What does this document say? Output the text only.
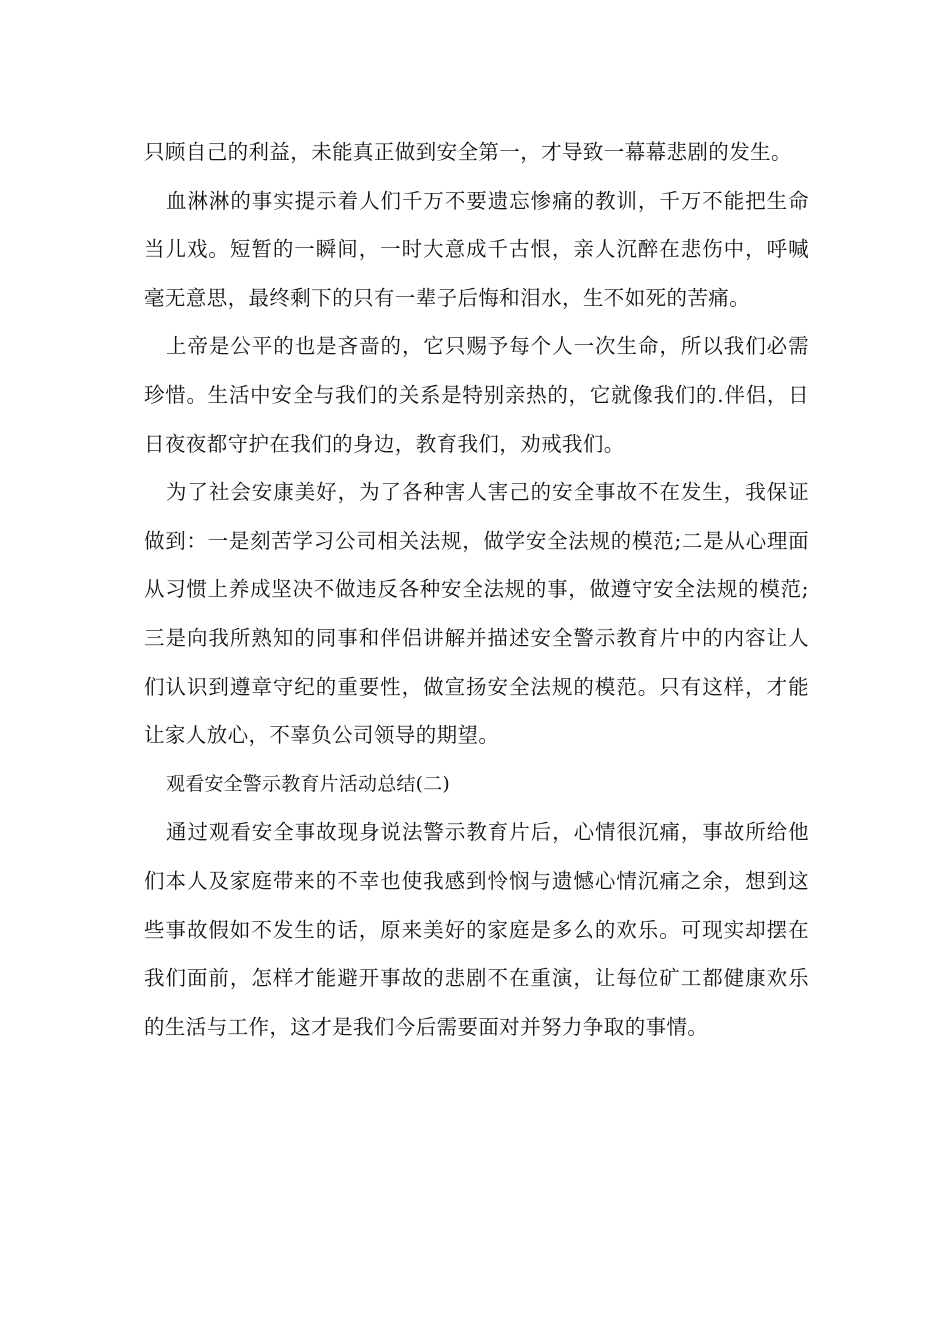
只顾自己的利益，未能真正做到安全第一，才导致一幕幕悲剧的发生。

血淋淋的事实提示着人们千万不要遗忘惨痛的教训，千万不能把生命当儿戏。短暂的一瞬间，一时大意成千古恨，亲人沉醉在悲伤中，呼喊毫无意思，最终剩下的只有一辈子后悔和泪水，生不如死的苦痛。

上帝是公平的也是吝啬的，它只赐予每个人一次生命，所以我们必需珍惜。生活中安全与我们的关系是特别亲热的，它就像我们的.伴侣，日日夜夜都守护在我们的身边，教育我们，劝戒我们。

为了社会安康美好，为了各种害人害己的安全事故不在发生，我保证做到：一是刻苦学习公司相关法规，做学安全法规的模范;二是从心理面从习惯上养成坚决不做违反各种安全法规的事，做遵守安全法规的模范;三是向我所熟知的同事和伴侣讲解并描述安全警示教育片中的内容让人们认识到遵章守纪的重要性，做宣扬安全法规的模范。只有这样，才能让家人放心，不辜负公司领导的期望。

观看安全警示教育片活动总结(二)

通过观看安全事故现身说法警示教育片后，心情很沉痛，事故所给他们本人及家庭带来的不幸也使我感到怜悯与遗憾心情沉痛之余，想到这些事故假如不发生的话，原来美好的家庭是多么的欢乐。可现实却摆在我们面前，怎样才能避开事故的悲剧不在重演，让每位矿工都健康欢乐的生活与工作，这才是我们今后需要面对并努力争取的事情。
